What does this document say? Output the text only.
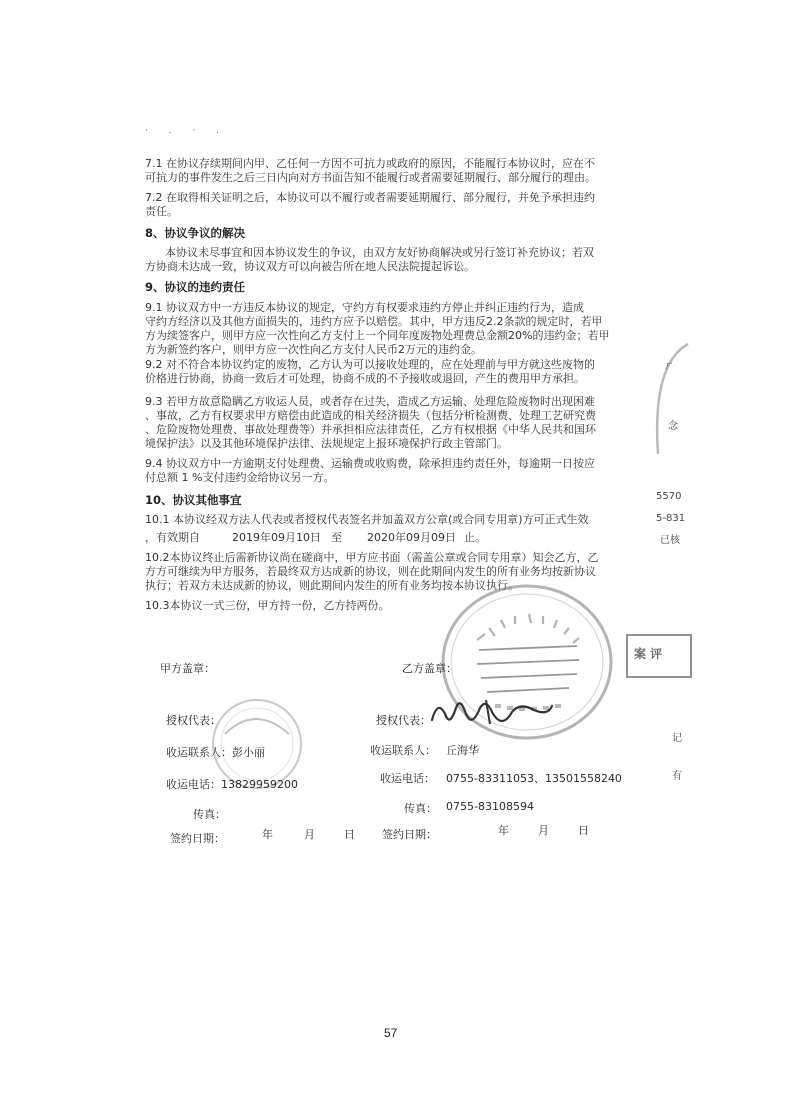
· . · .
7.1 在协议存续期间内甲、乙任何一方因不可抗力或政府的原因，不能履行本协议时，应在不
可抗力的事件发生之后三日内向对方书面告知不能履行或者需要延期履行、部分履行的理由。
7.2 在取得相关证明之后，本协议可以不履行或者需要延期履行、部分履行，并免予承担违约
责任。
8、协议争议的解决
本协议未尽事宜和因本协议发生的争议，由双方友好协商解决或另行签订补充协议；若双
方协商未达成一致，协议双方可以向被告所在地人民法院提起诉讼。
9、协议的违约责任
9.1 协议双方中一方违反本协议的规定，守约方有权要求违约方停止并纠正违约行为，造成
守约方经济以及其他方面损失的，违约方应予以赔偿。其中，甲方违反2.2条款的规定时，若甲
方为续签客户，则甲方应一次性向乙方支付上一个同年度废物处理费总金额20%的违约金；若甲
方为新签约客户，则甲方应一次性向乙方支付人民币2万元的违约金。
9.2 对不符合本协议约定的废物，乙方认为可以接收处理的，应在处理前与甲方就这些废物的
价格进行协商，协商一致后才可处理，协商不成的不予接收或退回，产生的费用甲方承担。
9.3 若甲方故意隐瞒乙方收运人员，或者存在过失，造成乙方运输、处理危险废物时出现困难
、事故，乙方有权要求甲方赔偿由此造成的相关经济损失（包括分析检测费、处理工艺研究费
、危险废物处理费、事故处理费等）并承担相应法律责任，乙方有权根据《中华人民共和国环
境保护法》以及其他环境保护法律、法规规定上报环境保护行政主管部门。
9.4 协议双方中一方逾期支付处理费、运输费或收购费，除承担违约责任外，每逾期一日按应
付总额 1 %支付违约金给协议另一方。
10、协议其他事宜
10.1 本协议经双方法人代表或者授权代表签名并加盖双方公章(或合同专用章)方可正式生效
，有效期自	2019年09月10日 至 2020年09月09日 止。
10.2本协议终止后需新协议尚在磋商中，甲方应书面（需盖公章或合同专用章）知会乙方，乙
方方可继续为甲方服务，若最终双方达成新的协议，则在此期间内发生的所有业务均按新协议
执行；若双方未达成新的协议，则此期间内发生的所有业务均按本协议执行。
10.3本协议一式三份，甲方持一份，乙方持两份。
甲方盖章：	乙方盖章：
授权代表：	授权代表：
收运联系人：彭小丽	收运联系人： 丘海华
收运电话：13829959200	收运电话： 0755-83311053、13501558240
传真：	传真： 0755-83108594
签约日期：	年	月	日 签约日期：	年	月	日
ㄏ
念
5570
5-831
已核
案 评
记
有
57
